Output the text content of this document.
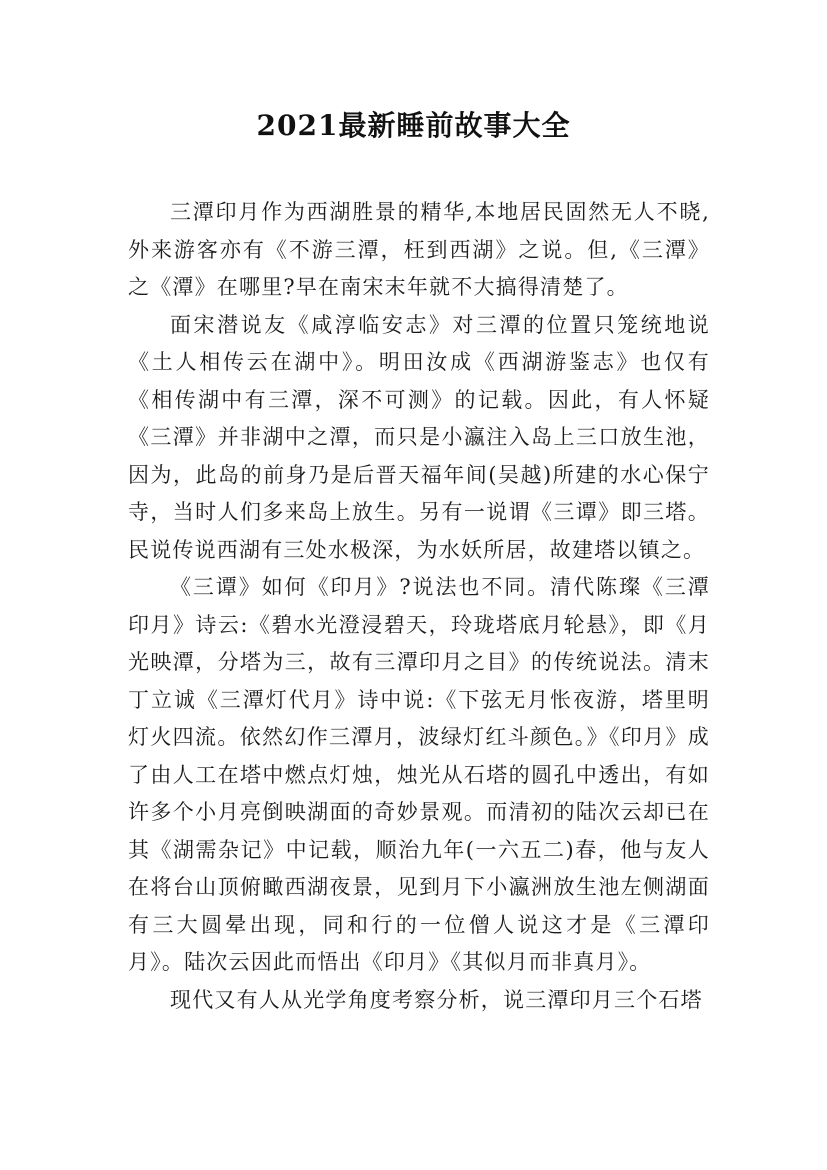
2021最新睡前故事大全

三潭印月作为西湖胜景的精华,本地居民固然无人不晓,外来游客亦有《不游三潭，枉到西湖》之说。但,《三潭》之《潭》在哪里?早在南宋末年就不大搞得清楚了。

面宋潜说友《咸淳临安志》对三潭的位置只笼统地说《土人相传云在湖中》。明田汝成《西湖游鉴志》也仅有《相传湖中有三潭，深不可测》的记载。因此，有人怀疑《三潭》并非湖中之潭，而只是小瀛注入岛上三口放生池，因为，此岛的前身乃是后晋天福年间(吴越)所建的水心保宁寺，当时人们多来岛上放生。另有一说谓《三谭》即三塔。民说传说西湖有三处水极深，为水妖所居，故建塔以镇之。

《三谭》如何《印月》?说法也不同。清代陈璨《三潭印月》诗云:《碧水光澄浸碧天，玲珑塔底月轮悬》，即《月光映潭，分塔为三，故有三潭印月之目》的传统说法。清末丁立诚《三潭灯代月》诗中说:《下弦无月怅夜游，塔里明灯火四流。依然幻作三潭月，波绿灯红斗颜色。》《印月》成了由人工在塔中燃点灯烛，烛光从石塔的圆孔中透出，有如许多个小月亮倒映湖面的奇妙景观。而清初的陆次云却已在其《湖需杂记》中记载，顺治九年(一六五二)春，他与友人在将台山顶俯瞰西湖夜景，见到月下小瀛洲放生池左侧湖面有三大圆晕出现，同和行的一位僧人说这才是《三潭印月》。陆次云因此而悟出《印月》《其似月而非真月》。

现代又有人从光学角度考察分析，说三潭印月三个石塔
